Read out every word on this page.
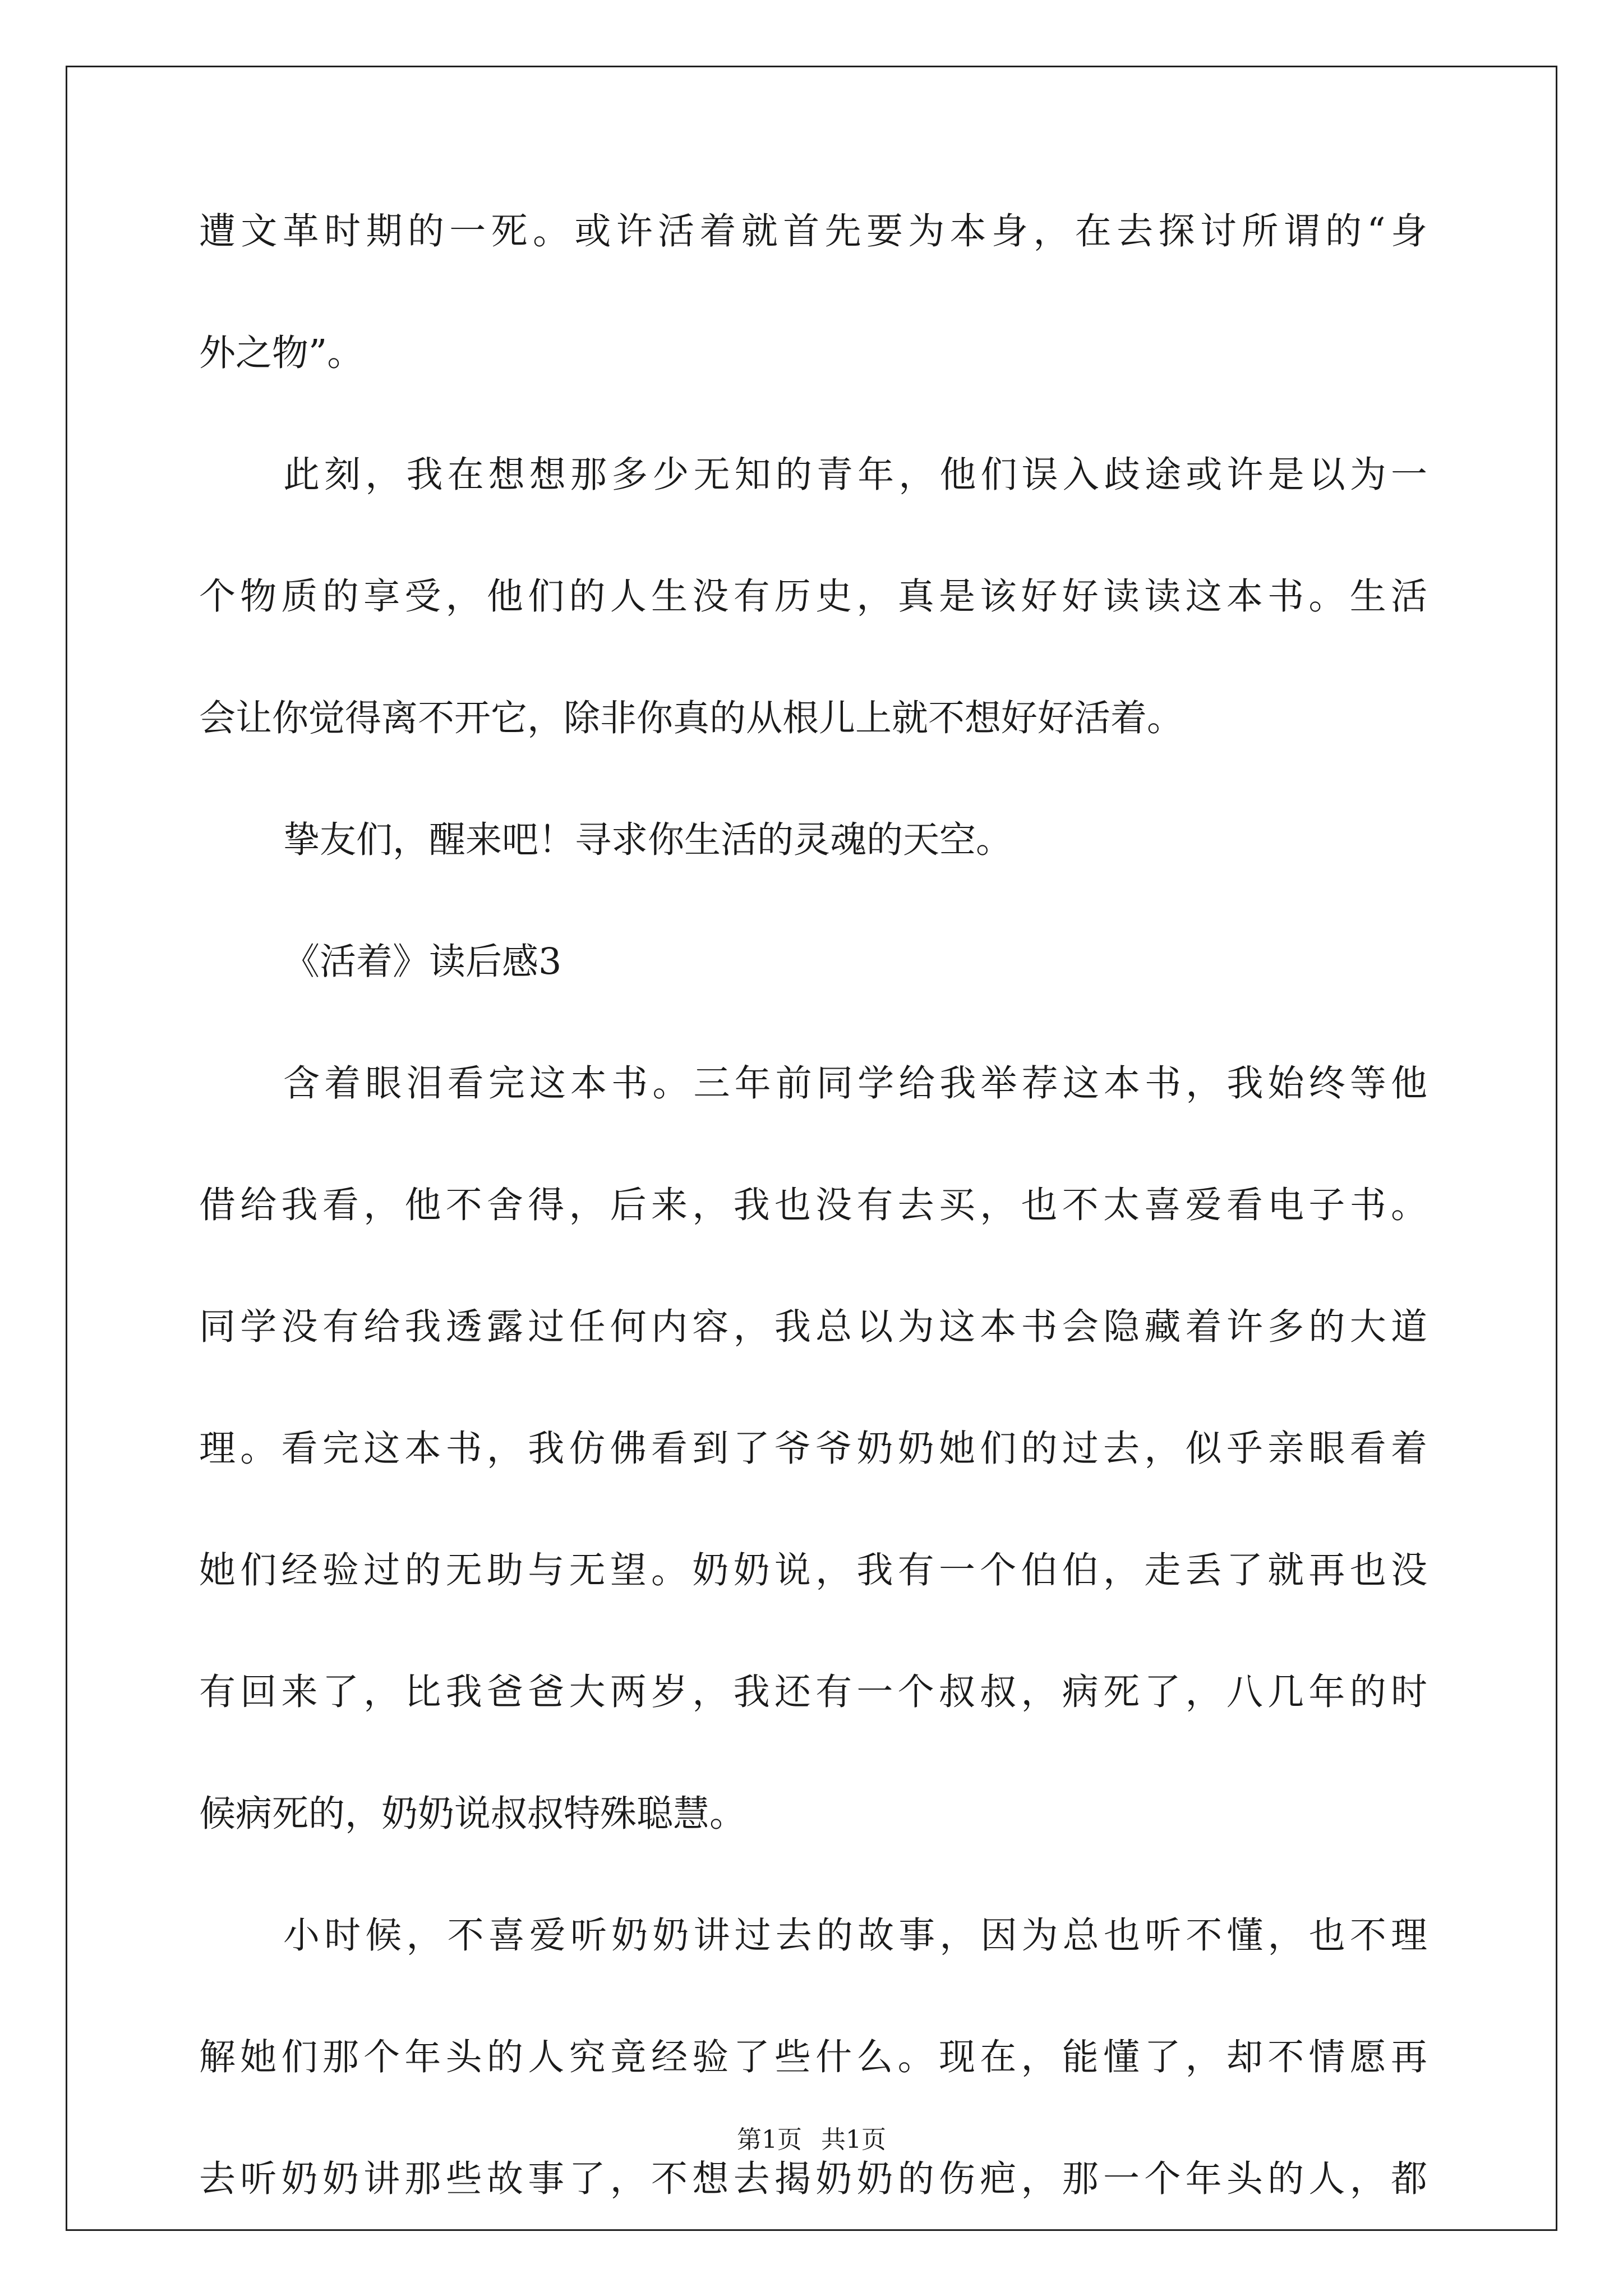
遭文革时期的一死。或许活着就首先要为本身，在去探讨所谓的“身

外之物”。

此刻，我在想想那多少无知的青年，他们误入歧途或许是以为一

个物质的享受，他们的人生没有历史，真是该好好读读这本书。生活

会让你觉得离不开它，除非你真的从根儿上就不想好好活着。

挚友们，醒来吧！寻求你生活的灵魂的天空。

《活着》读后感3

含着眼泪看完这本书。三年前同学给我举荐这本书，我始终等他

借给我看，他不舍得，后来，我也没有去买，也不太喜爱看电子书。

同学没有给我透露过任何内容，我总以为这本书会隐藏着许多的大道

理。看完这本书，我仿佛看到了爷爷奶奶她们的过去，似乎亲眼看着

她们经验过的无助与无望。奶奶说，我有一个伯伯，走丢了就再也没

有回来了，比我爸爸大两岁，我还有一个叔叔，病死了，八几年的时

候病死的，奶奶说叔叔特殊聪慧。

小时候，不喜爱听奶奶讲过去的故事，因为总也听不懂，也不理

解她们那个年头的人究竟经验了些什么。现在，能懂了，却不情愿再

去听奶奶讲那些故事了，不想去揭奶奶的伤疤，那一个年头的人，都

第1页 共1页
